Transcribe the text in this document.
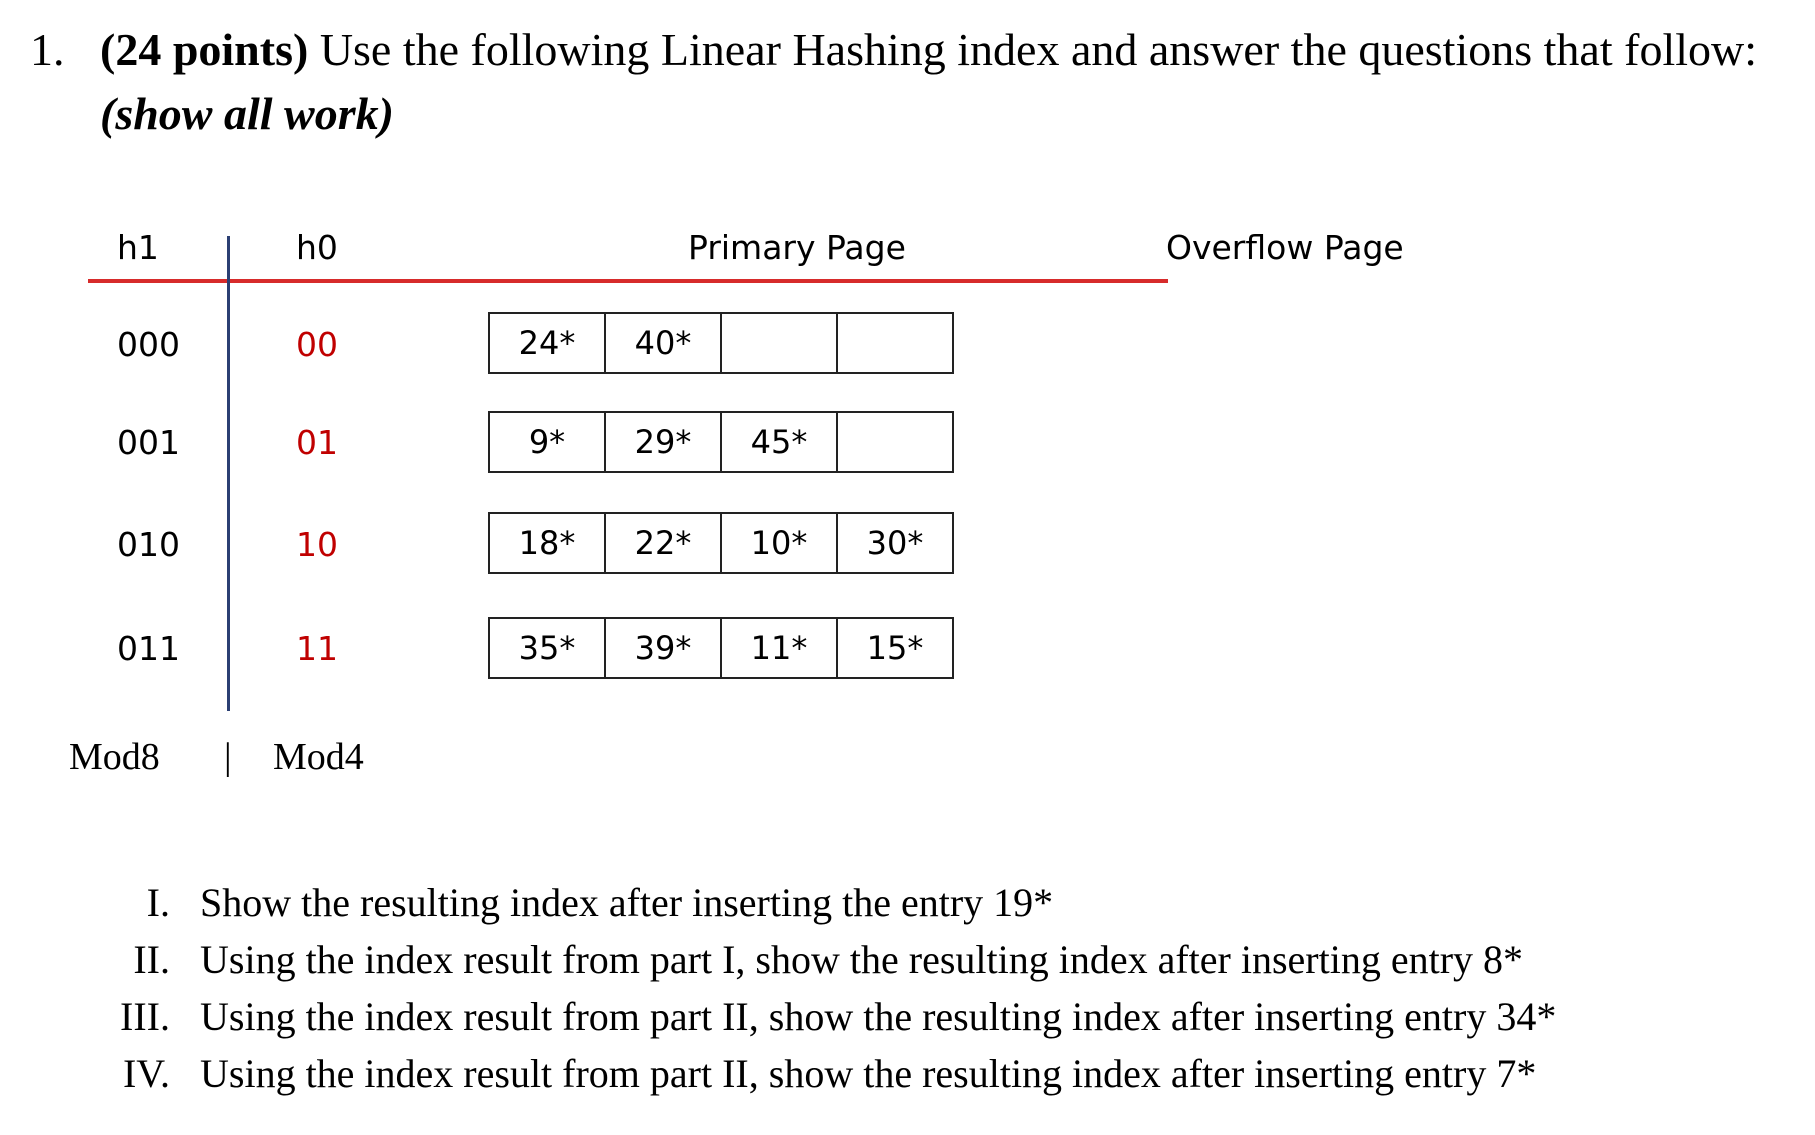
1. (24 points) Use the following Linear Hashing index and answer the questions that follow:
(show all work)
h1	h0	Primary Page	Overflow Page
000	00	24*	40*
001	01	9*	29*	45*
010	10	18*	22*	10*	30*
011	11	35*	39*	11*	15*
Mod8 | Mod4
I. Show the resulting index after inserting the entry 19*
II. Using the index result from part I, show the resulting index after inserting entry 8*
III. Using the index result from part II, show the resulting index after inserting entry 34*
IV. Using the index result from part II, show the resulting index after inserting entry 7*
